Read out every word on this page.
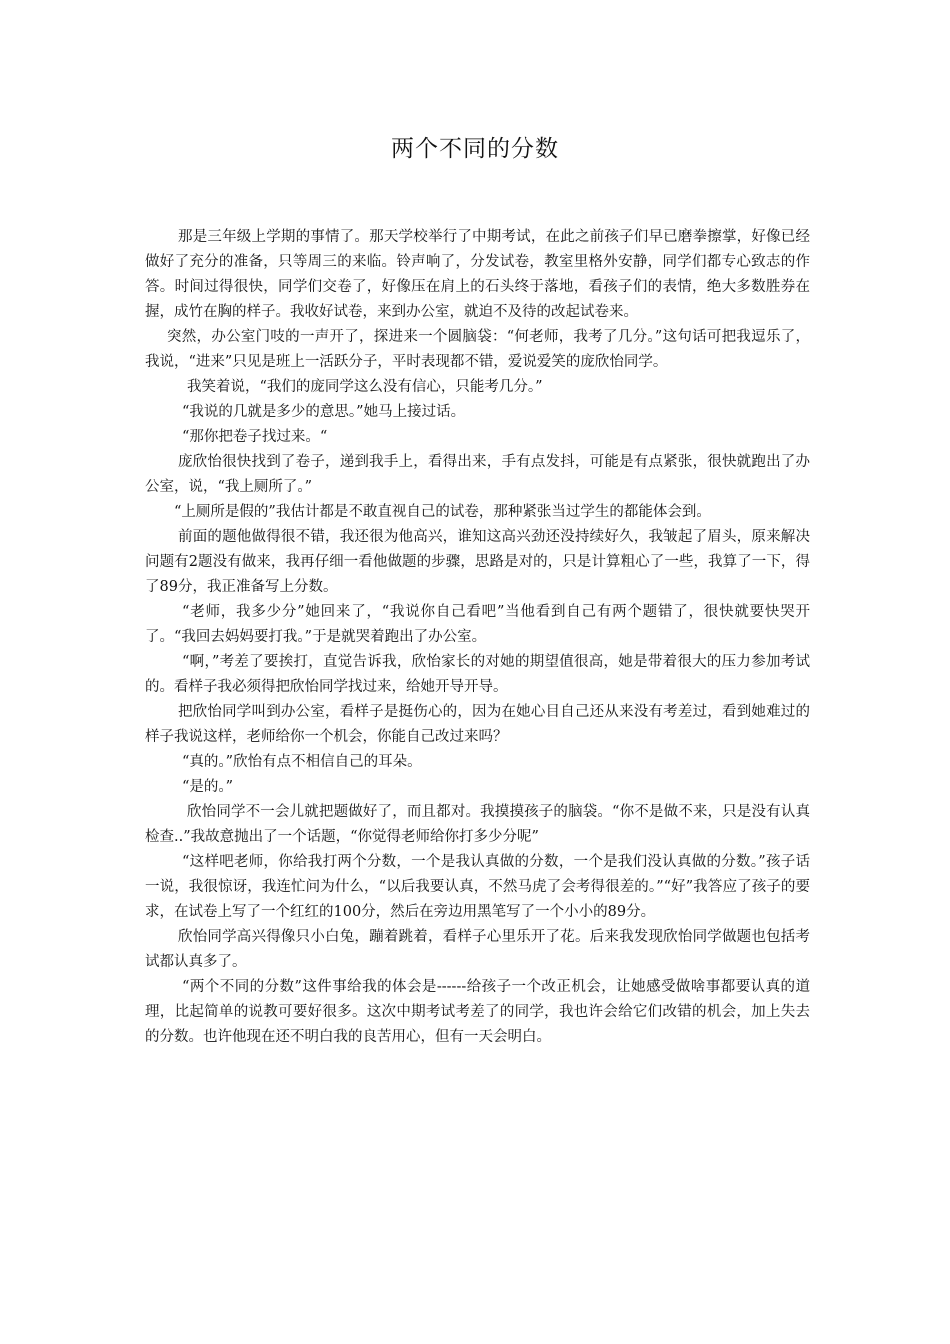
两个不同的分数

那是三年级上学期的事情了。那天学校举行了中期考试，在此之前孩子们早已磨拳擦掌，好像已经做好了充分的准备，只等周三的来临。铃声响了，分发试卷，教室里格外安静，同学们都专心致志的作答。时间过得很快，同学们交卷了，好像压在肩上的石头终于落地，看孩子们的表情，绝大多数胜券在握，成竹在胸的样子。我收好试卷，来到办公室，就迫不及待的改起试卷来。

突然，办公室门吱的一声开了，探进来一个圆脑袋：“何老师，我考了几分。”这句话可把我逗乐了，我说，“进来”只见是班上一活跃分子，平时表现都不错，爱说爱笑的庞欣怡同学。

我笑着说，“我们的庞同学这么没有信心，只能考几分。”

“我说的几就是多少的意思。”她马上接过话。

“那你把卷子找过来。“

庞欣怡很快找到了卷子，递到我手上，看得出来，手有点发抖，可能是有点紧张，很快就跑出了办公室，说，“我上厕所了。”

“上厕所是假的”我估计都是不敢直视自己的试卷，那种紧张当过学生的都能体会到。

前面的题他做得很不错，我还很为他高兴，谁知这高兴劲还没持续好久，我皱起了眉头，原来解决问题有2题没有做来，我再仔细一看他做题的步骤，思路是对的，只是计算粗心了一些，我算了一下，得了89分，我正准备写上分数。

“老师，我多少分”她回来了，“我说你自己看吧”当他看到自己有两个题错了，很快就要快哭开了。“我回去妈妈要打我。”于是就哭着跑出了办公室。

“啊，”考差了要挨打，直觉告诉我，欣怡家长的对她的期望值很高，她是带着很大的压力参加考试的。看样子我必须得把欣怡同学找过来，给她开导开导。

把欣怡同学叫到办公室，看样子是挺伤心的，因为在她心目自己还从来没有考差过，看到她难过的样子我说这样，老师给你一个机会，你能自己改过来吗？

“真的。”欣怡有点不相信自己的耳朵。

“是的。”

欣怡同学不一会儿就把题做好了，而且都对。我摸摸孩子的脑袋。“你不是做不来，只是没有认真检查..”我故意抛出了一个话题，“你觉得老师给你打多少分呢”

“这样吧老师，你给我打两个分数，一个是我认真做的分数，一个是我们没认真做的分数。”孩子话一说，我很惊讶，我连忙问为什么，“以后我要认真，不然马虎了会考得很差的。”“好”我答应了孩子的要求，在试卷上写了一个红红的100分，然后在旁边用黑笔写了一个小小的89分。

欣怡同学高兴得像只小白兔，蹦着跳着，看样子心里乐开了花。后来我发现欣怡同学做题也包括考试都认真多了。

“两个不同的分数”这件事给我的体会是------给孩子一个改正机会，让她感受做啥事都要认真的道理，比起简单的说教可要好很多。这次中期考试考差了的同学，我也许会给它们改错的机会，加上失去的分数。也许他现在还不明白我的良苦用心，但有一天会明白。
